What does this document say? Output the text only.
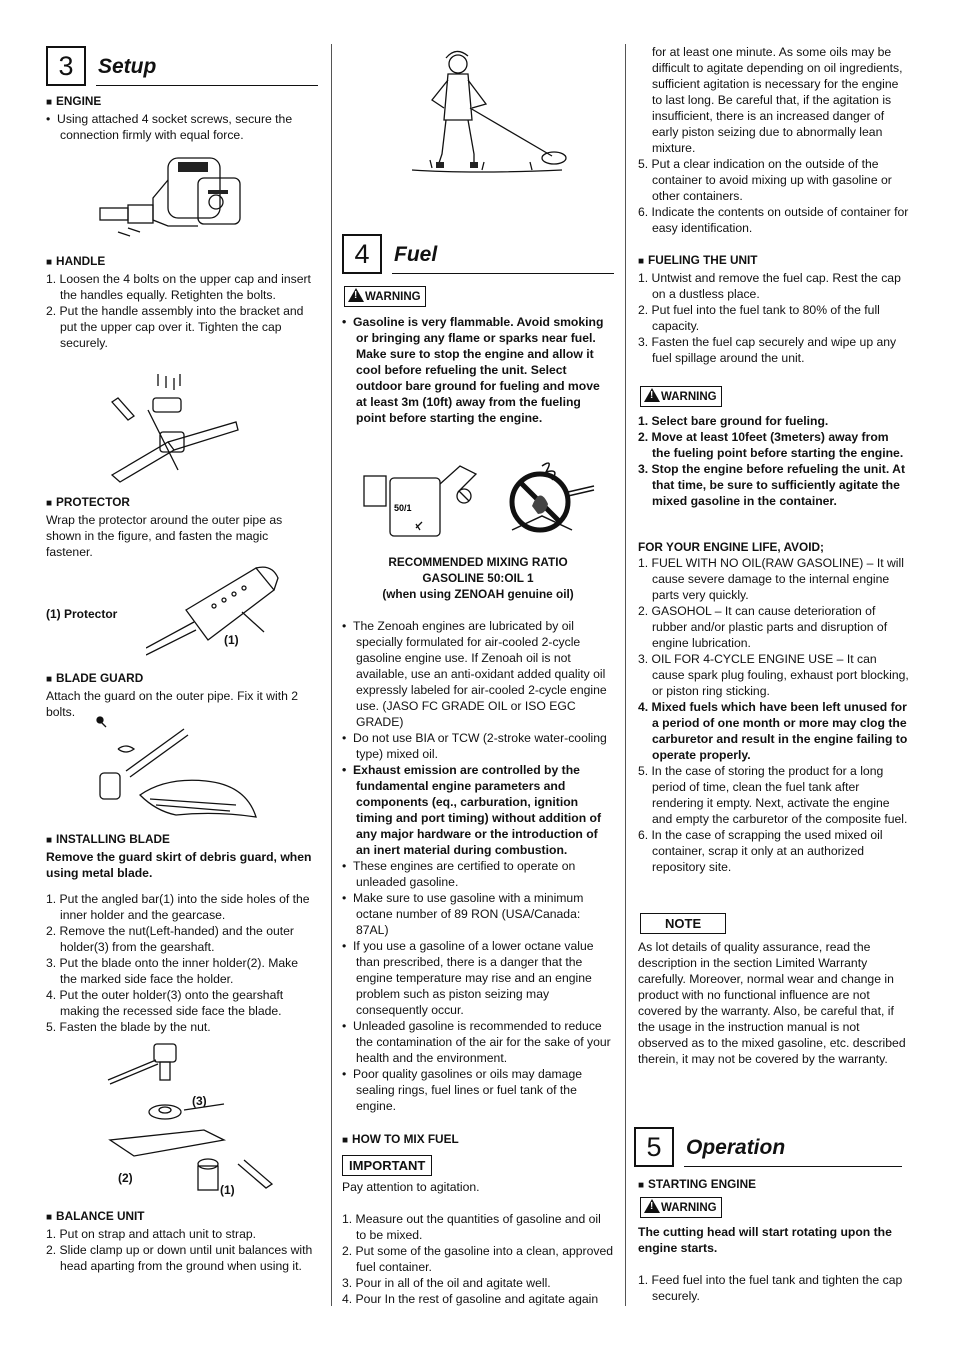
3	Setup
■ ENGINE

•  Using attached 4 socket screws, secure the connection firmly with equal force.

■ HANDLE

1. Loosen the 4 bolts on the upper cap and insert the handles equally. Retighten the bolts.

2. Put the handle assembly into the bracket and put the upper cap over it. Tighten the cap securely.

■ PROTECTOR

Wrap the protector around the outer pipe as shown in the figure, and fasten the magic fastener.

(1) Protector
(1)
■ BLADE GUARD

Attach the guard on the outer pipe. Fix it with 2 bolts.

■ INSTALLING BLADE

Remove the guard skirt of debris guard, when using metal blade.

1. Put the angled bar(1) into the side holes of the inner holder and the gearcase.

2. Remove the nut(Left-handed) and the outer holder(3) from the gearshaft.

3. Put the blade onto the inner holder(2). Make the marked side face the holder.

4. Put the outer holder(3) onto the gearshaft making the recessed side face the blade.

5. Fasten the blade by the nut.

(3)
(2)
(1)
■ BALANCE UNIT

1. Put on strap and attach unit to strap.

2. Slide clamp up or down until unit balances with head aparting from the ground when using it.

4	Fuel
!WARNING

•  Gasoline is very flammable. Avoid smoking or bringing any flame or sparks near fuel. Make sure to stop the engine and allow it cool before refueling the unit. Select outdoor bare ground for fueling and move at least 3m (10ft) away from the fueling point before starting the engine.

50/1
RECOMMENDED MIXING RATIO
GASOLINE 50:OIL 1
(when using ZENOAH genuine oil)

•  The Zenoah engines are lubricated by oil specially formulated for air-cooled 2-cycle gasoline engine use. If Zenoah oil is not available, use an anti-oxidant added quality oil expressly labeled for air-cooled 2-cycle engine use. (JASO FC GRADE OIL or ISO EGC GRADE)

•  Do not use BIA or TCW (2-stroke water-cooling type) mixed oil.

•  Exhaust emission are controlled by the fundamental engine parameters and components (eq., carburation, ignition timing and port timing) without addition of any major hardware or the introduction of an inert material during combustion.

•  These engines are certified to operate on unleaded gasoline.

•  Make sure to use gasoline with a minimum octane number of 89 RON (USA/Canada: 87AL)

•  If you use a gasoline of a lower octane value than prescribed, there is a danger that the engine temperature may rise and an engine problem such as piston seizing may consequently occur.

•  Unleaded gasoline is recommended to reduce the contamination of the air for the sake of your health and the environment.

•  Poor quality gasolines or oils may damage sealing rings, fuel lines or fuel tank of the engine.

■ HOW TO MIX FUEL
IMPORTANT

Pay attention to agitation.

1. Measure out the quantities of gasoline and oil to be mixed.

2. Put some of the gasoline into a clean, approved fuel container.

3. Pour in all of the oil and agitate well.

4. Pour In the rest of gasoline and agitate again

for at least one minute. As some oils may be difficult to agitate depending on oil ingredients, sufficient agitation is necessary for the engine to last long. Be careful that, if the agitation is insufficient, there is an increased danger of early piston seizing due to abnormally lean mixture.

5. Put a clear indication on the outside of the container to avoid mixing up with gasoline or other containers.

6. Indicate the contents on outside of container for easy identification.

■ FUELING THE UNIT

1. Untwist and remove the fuel cap. Rest the cap on a dustless place.

2. Put fuel into the fuel tank to 80% of the full capacity.

3. Fasten the fuel cap securely and wipe up any fuel spillage around the unit.

!WARNING

1. Select bare ground for fueling.

2. Move at least 10feet (3meters) away from the fueling point before starting the engine.

3. Stop the engine before refueling the unit. At that time, be sure to sufficiently agitate the mixed gasoline in the container.

FOR YOUR ENGINE LIFE, AVOID;

1. FUEL WITH NO OIL(RAW GASOLINE) – It will cause severe damage to the internal engine parts very quickly.

2. GASOHOL – It can cause deterioration of rubber and/or plastic parts and disruption of engine lubrication.

3. OIL FOR 4-CYCLE ENGINE USE – It can cause spark plug fouling, exhaust port blocking, or piston ring sticking.

4. Mixed fuels which have been left unused for a period of one month or more may clog the carburetor and result in the engine failing to operate properly.

5. In the case of storing the product for a long period of time, clean the fuel tank after rendering it empty. Next, activate the engine and empty the carburetor of the composite fuel.

6. In the case of scrapping the used mixed oil container, scrap it only at an authorized repository site.

NOTE

As lot details of quality assurance, read the description in the section Limited Warranty carefully. Moreover, normal wear and change in product with no functional influence are not covered by the warranty. Also, be careful that, if the usage in the instruction manual is not observed as to the mixed gasoline, etc. described therein, it may not be covered by the warranty.

5	Operation
■ STARTING ENGINE
!WARNING

The cutting head will start rotating upon the engine starts.

1. Feed fuel into the fuel tank and tighten the cap securely.
